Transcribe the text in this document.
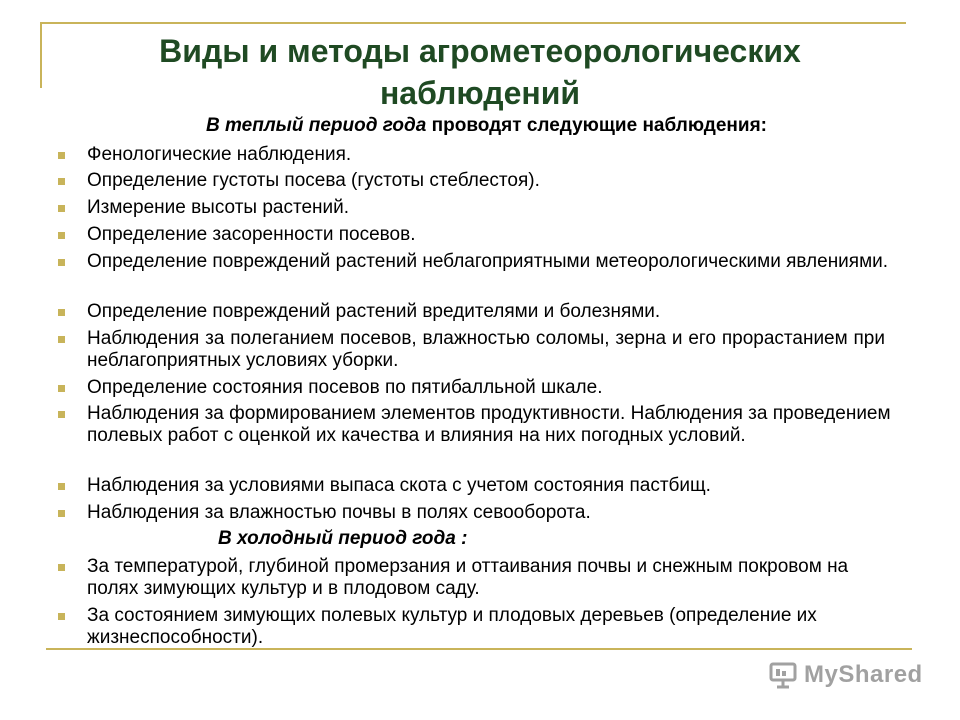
Виды и методы агрометеорологических наблюдений
В теплый период года проводят следующие наблюдения:
Фенологические наблюдения.
Определение густоты посева (густоты стеблестоя).
Измерение высоты растений.
Определение засоренности посевов.
Определение повреждений растений неблагоприятными метеорологическими явлениями.
Определение повреждений растений вредителями и болезнями.
Наблюдения за полеганием посевов, влажностью соломы, зерна и его прорастанием при неблагоприятных условиях уборки.
Определение состояния посевов по пятибалльной шкале.
Наблюдения за формированием элементов продуктивности. Наблюдения за проведением полевых работ с оценкой их качества и влияния на них погодных условий.
Наблюдения за условиями выпаса скота с учетом состояния пастбищ.
Наблюдения за влажностью почвы в полях севооборота.
В холодный период года :
За температурой, глубиной промерзания и оттаивания почвы и снежным покровом на полях зимующих культур и в плодовом саду.
За состоянием зимующих полевых культур и плодовых деревьев (определение их жизнеспособности).
MyShared
